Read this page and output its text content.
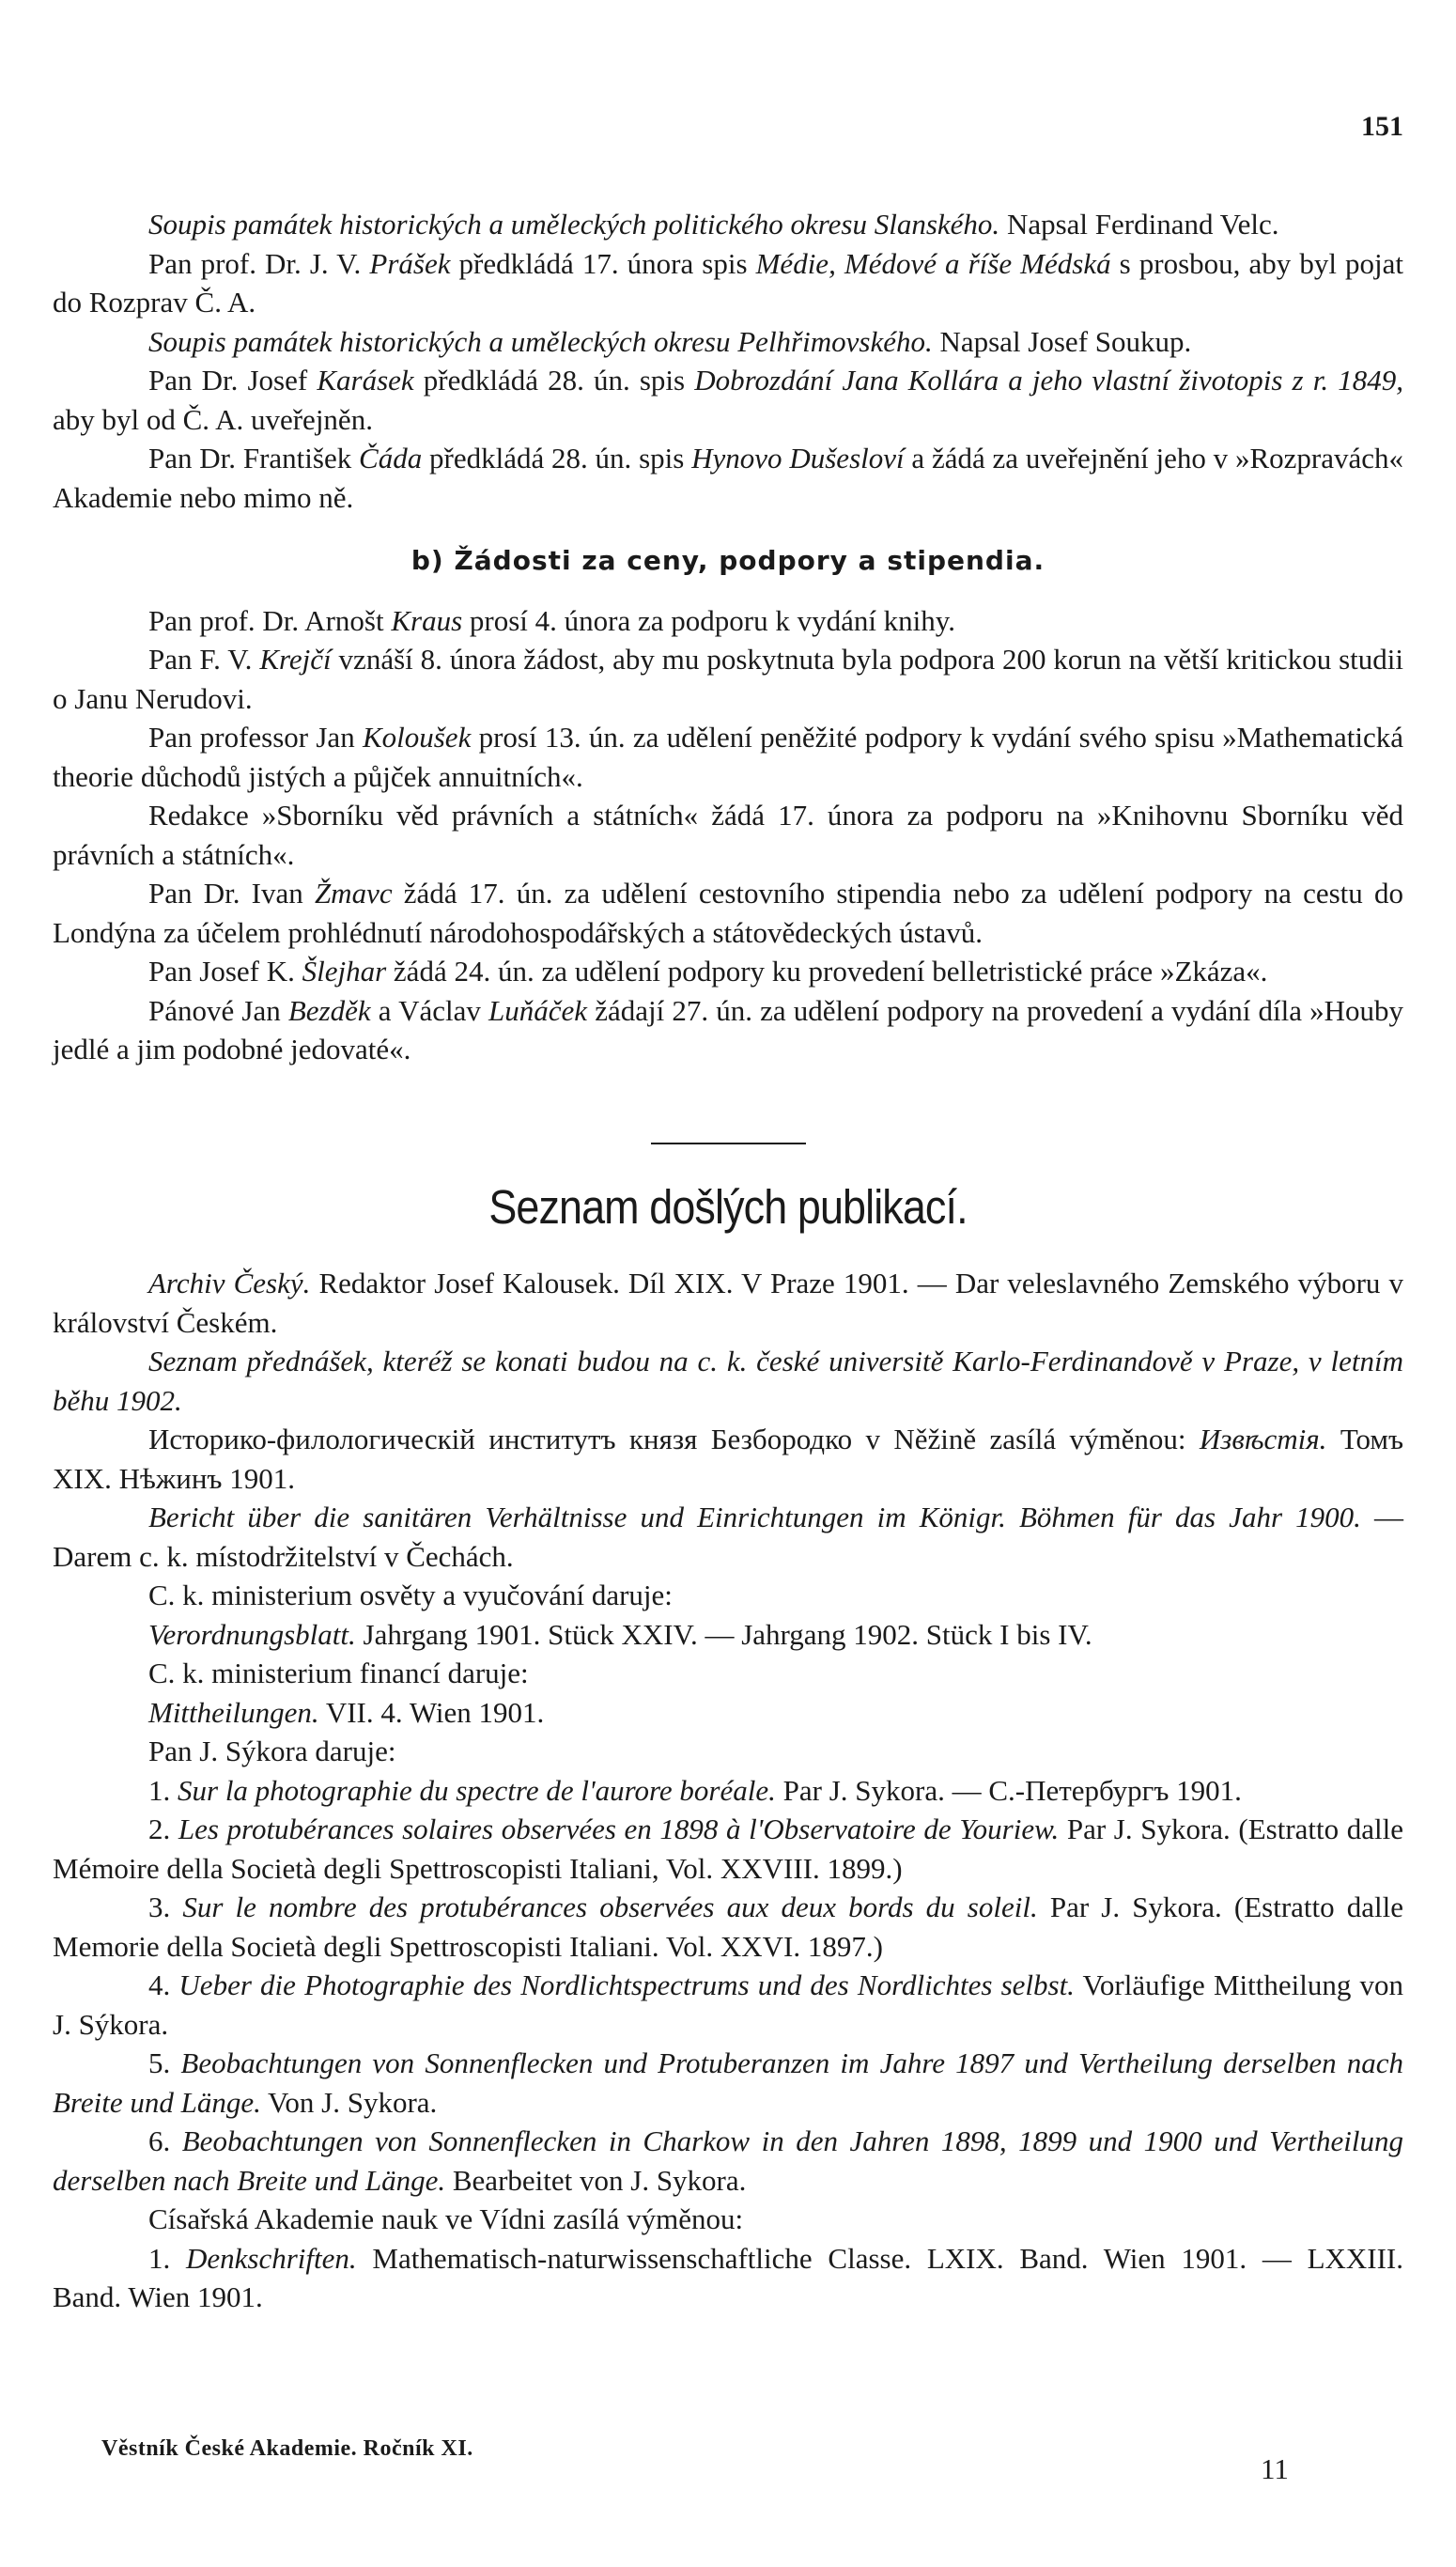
151

Soupis památek historických a uměleckých politického okresu Slanského. Napsal Ferdinand Velc.

Pan prof. Dr. J. V. Prášek předkládá 17. února spis Médie, Médové a říše Médská s prosbou, aby byl pojat do Rozprav Č. A.

Soupis památek historických a uměleckých okresu Pelhřimovského. Napsal Josef Soukup.

Pan Dr. Josef Karásek předkládá 28. ún. spis Dobrozdání Jana Kollára a jeho vlastní životopis z r. 1849, aby byl od Č. A. uveřejněn.

Pan Dr. František Čáda předkládá 28. ún. spis Hynovo Dušesloví a žádá za uveřejnění jeho v »Rozpravách« Akademie nebo mimo ně.

b) Žádosti za ceny, podpory a stipendia.

Pan prof. Dr. Arnošt Kraus prosí 4. února za podporu k vydání knihy.

Pan F. V. Krejčí vznáší 8. února žádost, aby mu poskytnuta byla podpora 200 korun na větší kritickou studii o Janu Nerudovi.

Pan professor Jan Koloušek prosí 13. ún. za udělení peněžité podpory k vydání svého spisu »Mathematická theorie důchodů jistých a půjček annuitních«.

Redakce »Sborníku věd právních a státních« žádá 17. února za podporu na »Knihovnu Sborníku věd právních a státních«.

Pan Dr. Ivan Žmavc žádá 17. ún. za udělení cestovního stipendia nebo za udělení podpory na cestu do Londýna za účelem prohlédnutí národohospodářských a státovědeckých ústavů.

Pan Josef K. Šlejhar žádá 24. ún. za udělení podpory ku provedení belletristické práce »Zkáza«.

Pánové Jan Bezděk a Václav Luňáček žádají 27. ún. za udělení podpory na provedení a vydání díla »Houby jedlé a jim podobné jedovaté«.

Seznam došlých publikací.

Archiv Český. Redaktor Josef Kalousek. Díl XIX. V Praze 1901. — Dar veleslavného Zemského výboru v království Českém.

Seznam přednášek, kteréž se konati budou na c. k. české universitě Karlo-Ferdinandově v Praze, v letním běhu 1902.

Историко-филологическій институтъ князя Безбородко v Něžině zasílá výměnou: Извѣстія. Томъ XIX. Нѣжинъ 1901.

Bericht über die sanitären Verhältnisse und Einrichtungen im Königr. Böhmen für das Jahr 1900. — Darem c. k. místodržitelství v Čechách.

C. k. ministerium osvěty a vyučování daruje:

Verordnungsblatt. Jahrgang 1901. Stück XXIV. — Jahrgang 1902. Stück I bis IV.

C. k. ministerium financí daruje:

Mittheilungen. VII. 4. Wien 1901.

Pan J. Sýkora daruje:

1. Sur la photographie du spectre de l'aurore boréale. Par J. Sykora. — С.-Петербургъ 1901.

2. Les protubérances solaires observées en 1898 à l'Observatoire de Youriew. Par J. Sykora. (Estratto dalle Mémoire della Società degli Spettroscopisti Italiani, Vol. XXVIII. 1899.)

3. Sur le nombre des protubérances observées aux deux bords du soleil. Par J. Sykora. (Estratto dalle Memorie della Società degli Spettroscopisti Italiani. Vol. XXVI. 1897.)

4. Ueber die Photographie des Nordlichtspectrums und des Nordlichtes selbst. Vorläufige Mittheilung von J. Sýkora.

5. Beobachtungen von Sonnenflecken und Protuberanzen im Jahre 1897 und Vertheilung derselben nach Breite und Länge. Von J. Sykora.

6. Beobachtungen von Sonnenflecken in Charkow in den Jahren 1898, 1899 und 1900 und Vertheilung derselben nach Breite und Länge. Bearbeitet von J. Sykora.

Císařská Akademie nauk ve Vídni zasílá výměnou:

1. Denkschriften. Mathematisch-naturwissenschaftliche Classe. LXIX. Band. Wien 1901. — LXXIII. Band. Wien 1901.

Věstník České Akademie. Ročník XI.
11
